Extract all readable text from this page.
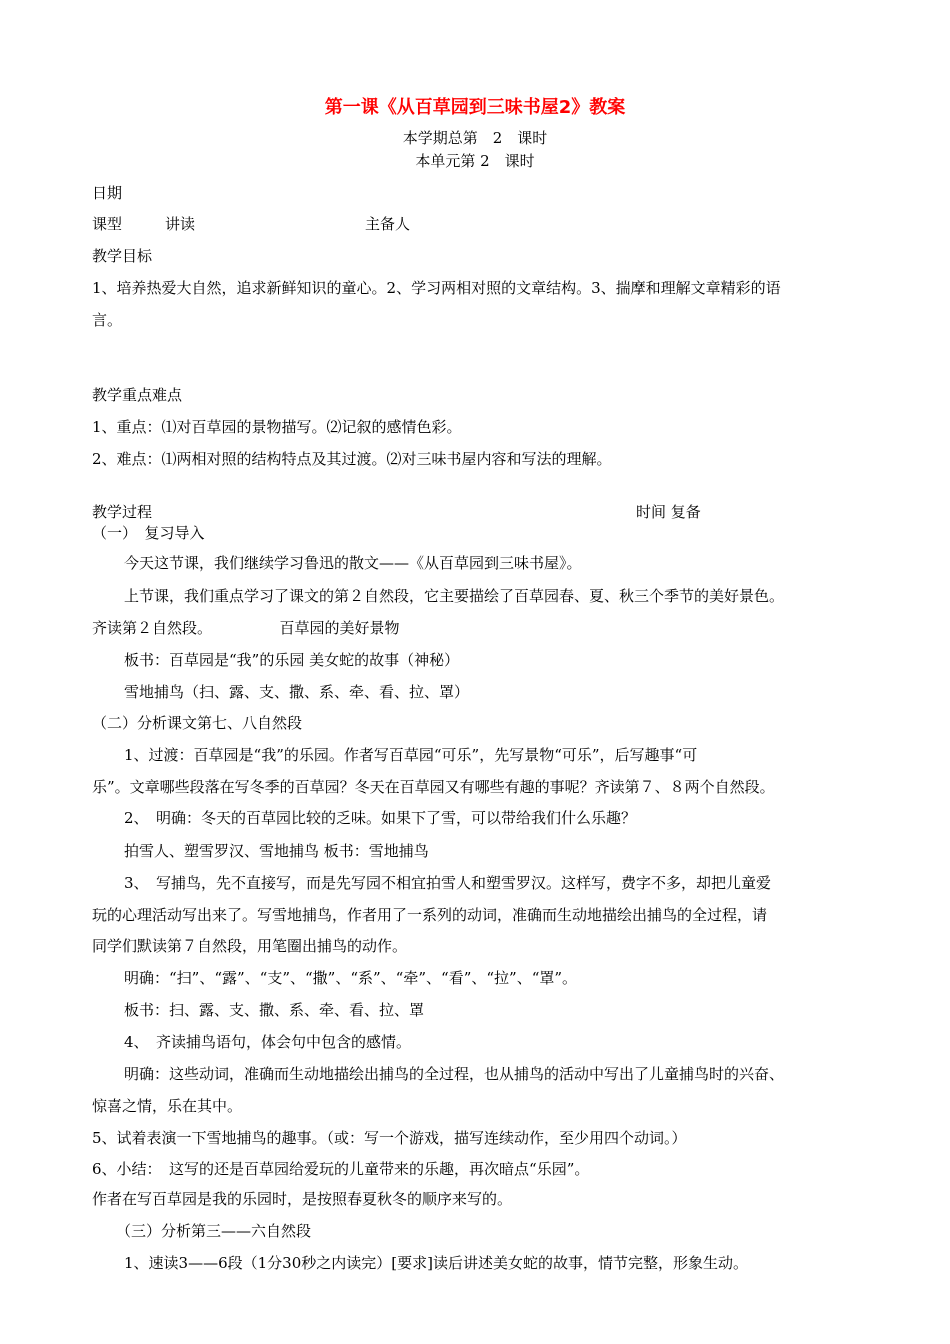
第一课《从百草园到三味书屋2》教案
本学期总第　2　课时
本单元第 2　课时
日期
课型	讲读	主备人
教学目标
1、培养热爱大自然，追求新鲜知识的童心。2、学习两相对照的文章结构。3、揣摩和理解文章精彩的语
言。
教学重点难点
1、重点：⑴对百草园的景物描写。⑵记叙的感情色彩。
2、难点：⑴两相对照的结构特点及其过渡。⑵对三味书屋内容和写法的理解。
教学过程	时间 复备
（一）　复习导入
今天这节课，我们继续学习鲁迅的散文——《从百草园到三味书屋》。
上节课，我们重点学习了课文的第２自然段，它主要描绘了百草园春、夏、秋三个季节的美好景色。
齐读第２自然段。　　　　　百草园的美好景物
板书：百草园是“我”的乐园 美女蛇的故事（神秘）
雪地捕鸟（扫、露、支、撒、系、牵、看、拉、罩）
（二）分析课文第七、八自然段
1、过渡：百草园是“我”的乐园。作者写百草园“可乐”，先写景物“可乐”，后写趣事“可
乐”。文章哪些段落在写冬季的百草园？冬天在百草园又有哪些有趣的事呢？齐读第７、８两个自然段。
2、　明确：冬天的百草园比较的乏味。如果下了雪，可以带给我们什么乐趣？
拍雪人、塑雪罗汉、雪地捕鸟 板书：雪地捕鸟
3、　写捕鸟，先不直接写，而是先写园不相宜拍雪人和塑雪罗汉。这样写，费字不多，却把儿童爱
玩的心理活动写出来了。写雪地捕鸟，作者用了一系列的动词，准确而生动地描绘出捕鸟的全过程，请
同学们默读第７自然段，用笔圈出捕鸟的动作。
明确：“扫”、“露”、“支”、“撒”、“系”、“牵”、“看”、“拉”、“罩”。
板书：扫、露、支、撒、系、牵、看、拉、罩
4、　齐读捕鸟语句，体会句中包含的感情。
明确：这些动词，准确而生动地描绘出捕鸟的全过程，也从捕鸟的活动中写出了儿童捕鸟时的兴奋、
惊喜之情，乐在其中。
5、试着表演一下雪地捕鸟的趣事。（或：写一个游戏，描写连续动作，至少用四个动词。）
6、小结：　这写的还是百草园给爱玩的儿童带来的乐趣，再次暗点“乐园”。
作者在写百草园是我的乐园时，是按照春夏秋冬的顺序来写的。
（三）分析第三——六自然段
1、速读3——6段（1分30秒之内读完）[要求]读后讲述美女蛇的故事，情节完整，形象生动。
